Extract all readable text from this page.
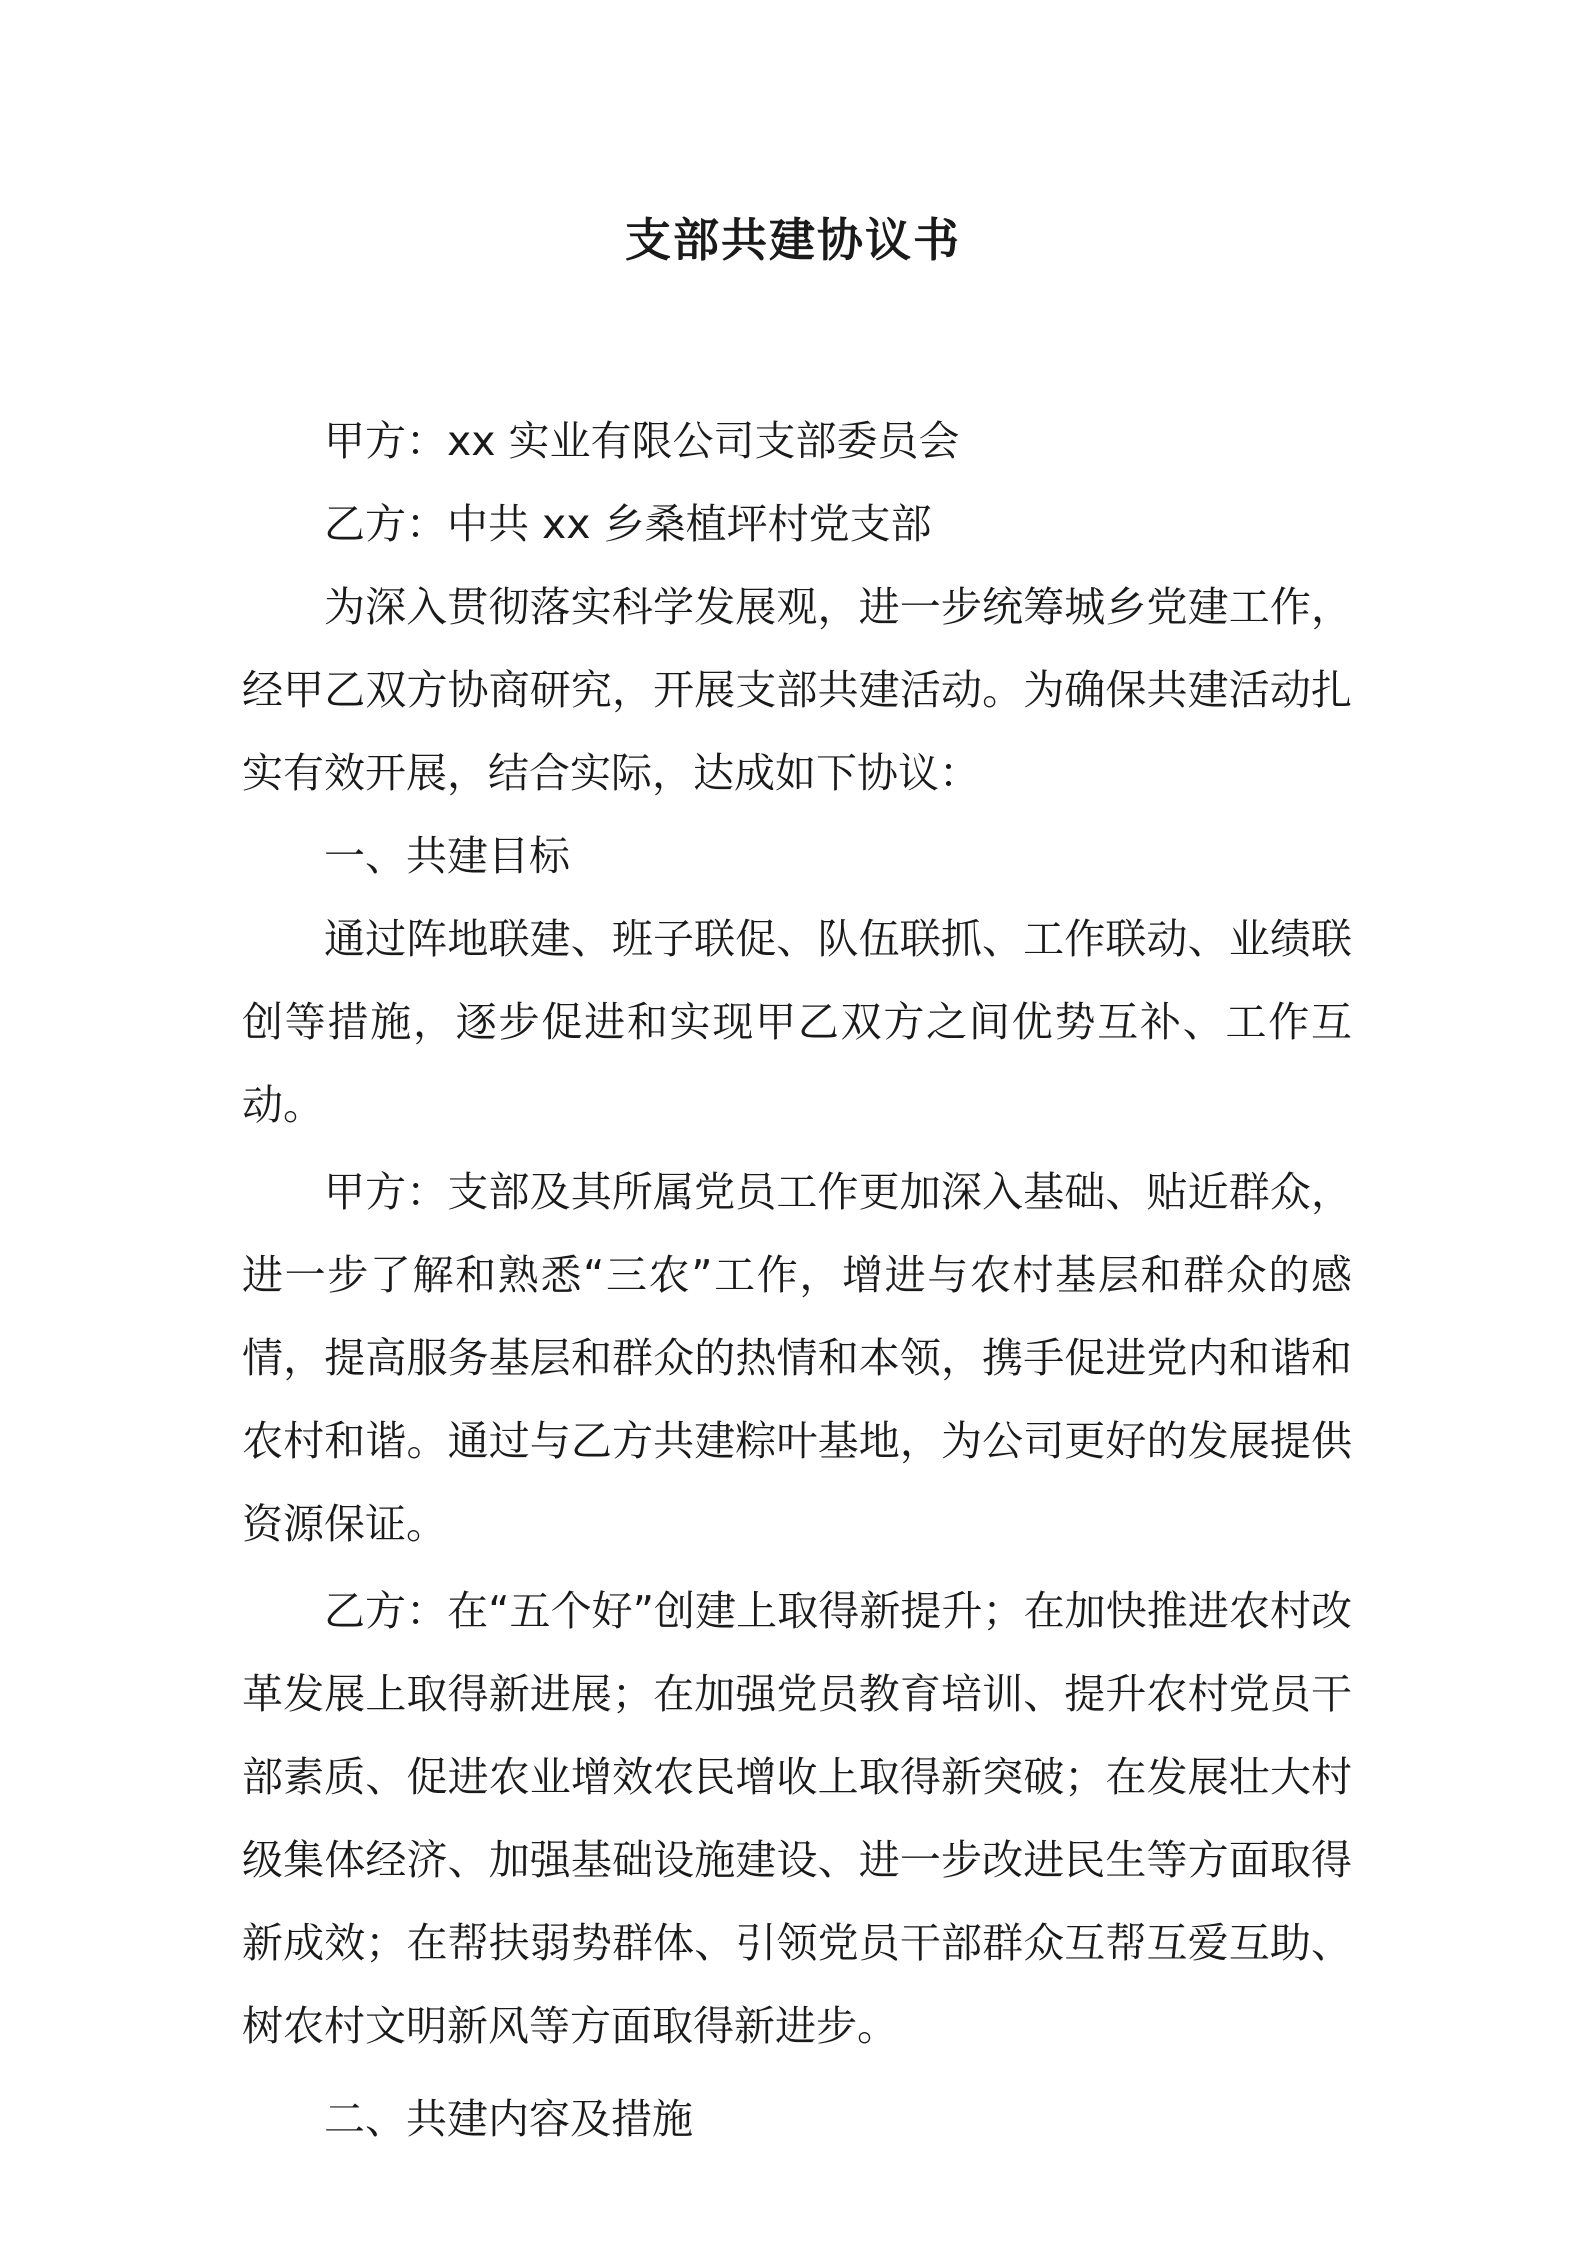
支部共建协议书

甲方：xx 实业有限公司支部委员会

乙方：中共 xx 乡桑植坪村党支部

为深入贯彻落实科学发展观，进一步统筹城乡党建工作，经甲乙双方协商研究，开展支部共建活动。为确保共建活动扎实有效开展，结合实际，达成如下协议：

一、共建目标

通过阵地联建、班子联促、队伍联抓、工作联动、业绩联创等措施，逐步促进和实现甲乙双方之间优势互补、工作互动。

甲方：支部及其所属党员工作更加深入基础、贴近群众，进一步了解和熟悉“三农”工作，增进与农村基层和群众的感情，提高服务基层和群众的热情和本领，携手促进党内和谐和农村和谐。通过与乙方共建粽叶基地，为公司更好的发展提供资源保证。

乙方：在“五个好”创建上取得新提升；在加快推进农村改革发展上取得新进展；在加强党员教育培训、提升农村党员干部素质、促进农业增效农民增收上取得新突破；在发展壮大村级集体经济、加强基础设施建设、进一步改进民生等方面取得新成效；在帮扶弱势群体、引领党员干部群众互帮互爱互助、树农村文明新风等方面取得新进步。

二、共建内容及措施
